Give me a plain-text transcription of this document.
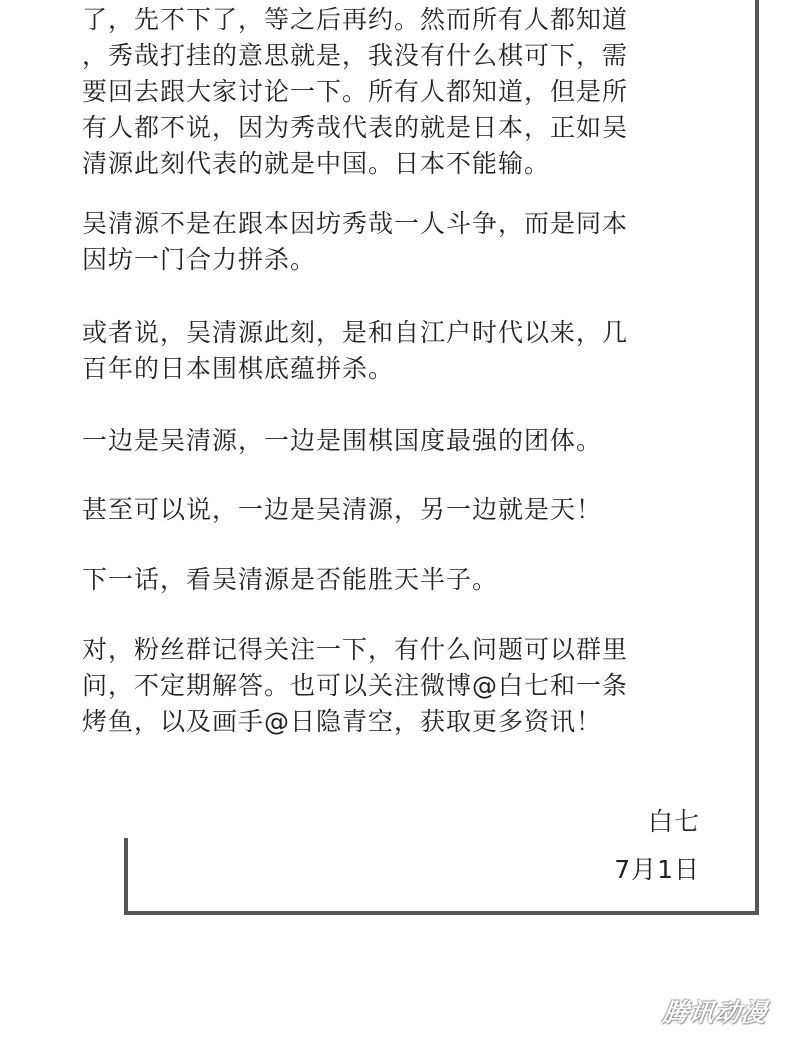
了，先不下了，等之后再约。然而所有人都知道
，秀哉打挂的意思就是，我没有什么棋可下，需
要回去跟大家讨论一下。所有人都知道，但是所
有人都不说，因为秀哉代表的就是日本，正如吴
清源此刻代表的就是中国。日本不能输。
吴清源不是在跟本因坊秀哉一人斗争，而是同本
因坊一门合力拼杀。
或者说，吴清源此刻，是和自江户时代以来，几
百年的日本围棋底蕴拼杀。
一边是吴清源，一边是围棋国度最强的团体。
甚至可以说，一边是吴清源，另一边就是天！
下一话，看吴清源是否能胜天半子。
对，粉丝群记得关注一下，有什么问题可以群里
问，不定期解答。也可以关注微博@白七和一条
烤鱼，以及画手@日隐青空，获取更多资讯！
白七
7月1日
腾讯动漫
